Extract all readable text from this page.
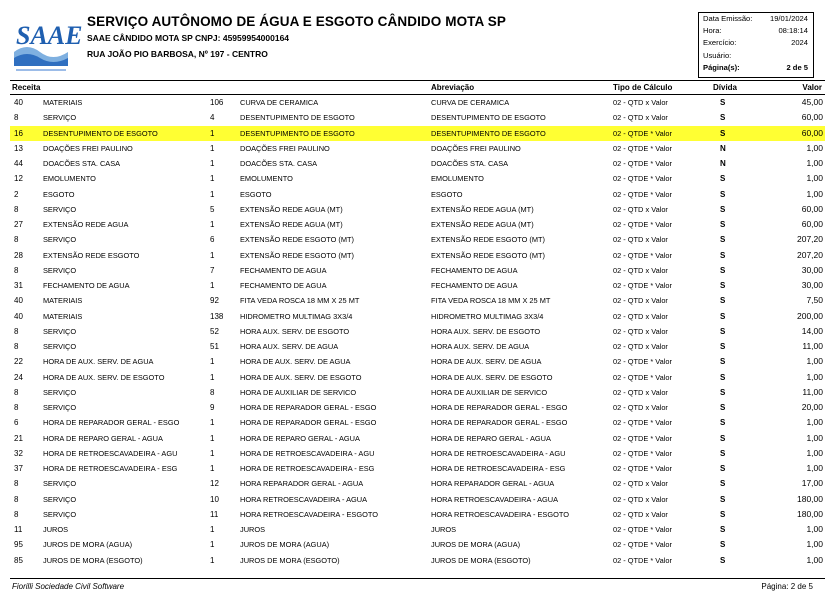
SAAE SERVIÇO AUTÔNOMO DE ÁGUA E ESGOTO CÂNDIDO MOTA SP
SAAE CÂNDIDO MOTA SP CNPJ: 45959954000164
RUA JOÃO PIO BARBOSA, Nº 197 - CENTRO
Data Emissão: 19/01/2024
Hora:	08:18:14
Exercício:	2024
Usuário:
Página(s):	2 de 5
Receita	Abreviação	Tipo de Cálculo	Dívida	Valor
40	MATERIAIS	106 CURVA DE CERAMICA	CURVA DE CERAMICA	02 - QTD x Valor	S	45,00
8	SERVIÇO	4	DESENTUPIMENTO DE ESGOTO	DESENTUPIMENTO DE ESGOTO	02 - QTD x Valor	S	60,00
16	DESENTUPIMENTO DE ESGOTO	1	DESENTUPIMENTO DE ESGOTO	DESENTUPIMENTO DE ESGOTO	02 - QTDE * Valor	S	60,00
13	DOAÇÕES FREI PAULINO	1	DOAÇÕES FREI PAULINO	DOAÇÕES FREI PAULINO	02 - QTDE * Valor	N	1,00
44	DOACÕES STA. CASA	1	DOACÕES STA. CASA	DOACÕES STA. CASA	02 - QTDE * Valor	N	1,00
12	EMOLUMENTO	1	EMOLUMENTO	EMOLUMENTO	02 - QTDE * Valor	S	1,00
2	ESGOTO	1	ESGOTO	ESGOTO	02 - QTDE * Valor	S	1,00
8	SERVIÇO	5	EXTENSÃO REDE AGUA (MT)	EXTENSÃO REDE AGUA (MT)	02 - QTD x Valor	S	60,00
27	EXTENSÃO REDE AGUA	1	EXTENSÃO REDE AGUA (MT)	EXTENSÃO REDE AGUA (MT)	02 - QTDE * Valor	S	60,00
8	SERVIÇO	6	EXTENSÃO REDE ESGOTO (MT)	EXTENSÃO REDE ESGOTO (MT)	02 - QTD x Valor	S	207,20
28	EXTENSÃO REDE ESGOTO	1	EXTENSÃO REDE ESGOTO (MT)	EXTENSÃO REDE ESGOTO (MT)	02 - QTDE * Valor	S	207,20
8	SERVIÇO	7	FECHAMENTO DE AGUA	FECHAMENTO DE AGUA	02 - QTD x Valor	S	30,00
31	FECHAMENTO DE AGUA	1	FECHAMENTO DE AGUA	FECHAMENTO DE AGUA	02 - QTDE * Valor	S	30,00
40	MATERIAIS	92	FITA VEDA ROSCA 18 MM X 25 MT	FITA VEDA ROSCA 18 MM X 25 MT	02 - QTD x Valor	S	7,50
40	MATERIAIS	138 HIDROMETRO MULTIMAG 3X3/4	HIDROMETRO MULTIMAG 3X3/4	02 - QTD x Valor	S	200,00
8	SERVIÇO	52	HORA AUX. SERV. DE ESGOTO	HORA AUX. SERV. DE ESGOTO	02 - QTD x Valor	S	14,00
8	SERVIÇO	51	HORA AUX. SERV. DE AGUA	HORA AUX. SERV. DE AGUA	02 - QTD x Valor	S	11,00
22	HORA DE AUX. SERV. DE AGUA	1	HORA DE AUX. SERV. DE AGUA	HORA DE AUX. SERV. DE AGUA	02 - QTDE * Valor	S	1,00
24	HORA DE AUX. SERV. DE ESGOTO	1	HORA DE AUX. SERV. DE ESGOTO	HORA DE AUX. SERV. DE ESGOTO	02 - QTDE * Valor	S	1,00
8	SERVIÇO	8	HORA DE AUXILIAR DE SERVICO	HORA DE AUXILIAR DE SERVICO	02 - QTD x Valor	S	11,00
8	SERVIÇO	9	HORA DE REPARADOR GERAL - ESGO	HORA DE REPARADOR GERAL - ESGO	02 - QTD x Valor	S	20,00
6	HORA DE REPARADOR GERAL - ESGO	1	HORA DE REPARADOR GERAL - ESGO	HORA DE REPARADOR GERAL - ESGO	02 - QTDE * Valor	S	1,00
21	HORA DE REPARO GERAL - AGUA	1	HORA DE REPARO GERAL - AGUA	HORA DE REPARO GERAL - AGUA	02 - QTDE * Valor	S	1,00
32	HORA DE RETROESCAVADEIRA - AGU	1	HORA DE RETROESCAVADEIRA - AGU	HORA DE RETROESCAVADEIRA - AGU	02 - QTDE * Valor	S	1,00
37	HORA DE RETROESCAVADEIRA - ESG	1	HORA DE RETROESCAVADEIRA - ESG	HORA DE RETROESCAVADEIRA - ESG	02 - QTDE * Valor	S	1,00
8	SERVIÇO	12	HORA REPARADOR GERAL - AGUA	HORA REPARADOR GERAL - AGUA	02 - QTD x Valor	S	17,00
8	SERVIÇO	10	HORA RETROESCAVADEIRA - AGUA	HORA RETROESCAVADEIRA - AGUA	02 - QTD x Valor	S	180,00
8	SERVIÇO	11	HORA RETROESCAVADEIRA - ESGOTO	HORA RETROESCAVADEIRA - ESGOTO	02 - QTD x Valor	S	180,00
11	JUROS	1	JUROS	JUROS	02 - QTDE * Valor	S	1,00
95	JUROS DE MORA (AGUA)	1	JUROS DE MORA (AGUA)	JUROS DE MORA (AGUA)	02 - QTDE * Valor	S	1,00
85	JUROS DE MORA (ESGOTO)	1	JUROS DE MORA (ESGOTO)	JUROS DE MORA (ESGOTO)	02 - QTDE * Valor	S	1,00
Fiorilli Sociedade Civil Software	Página: 2 de 5
